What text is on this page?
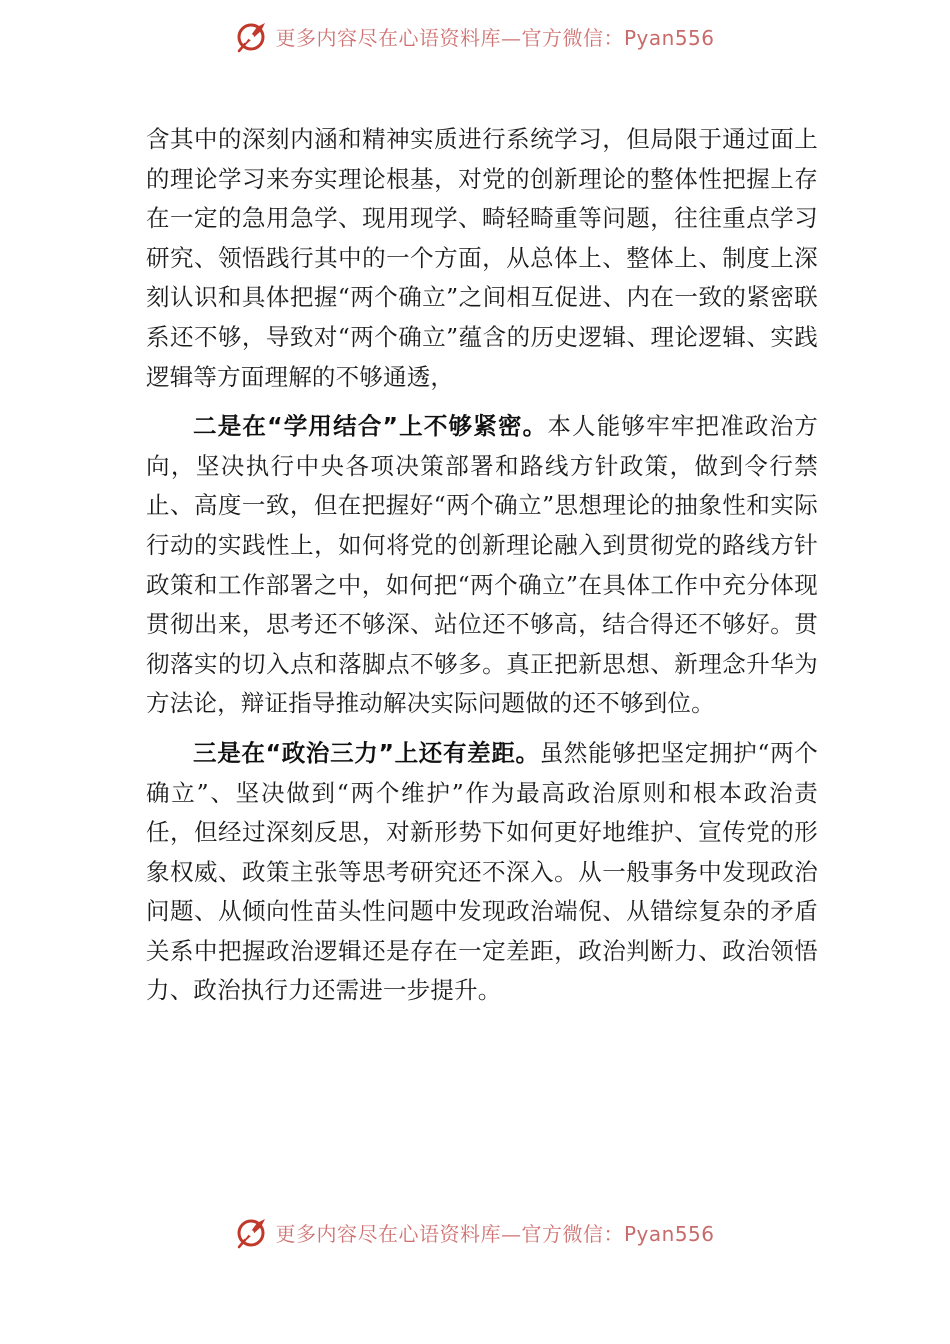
更多内容尽在心语资料库—官方微信：Pyan556

含其中的深刻内涵和精神实质进行系统学习，但局限于通过面上的理论学习来夯实理论根基，对党的创新理论的整体性把握上存在一定的急用急学、现用现学、畸轻畸重等问题，往往重点学习研究、领悟践行其中的一个方面，从总体上、整体上、制度上深刻认识和具体把握“两个确立”之间相互促进、内在一致的紧密联系还不够，导致对“两个确立”蕴含的历史逻辑、理论逻辑、实践逻辑等方面理解的不够通透，

二是在“学用结合”上不够紧密。本人能够牢牢把准政治方向，坚决执行中央各项决策部署和路线方针政策，做到令行禁止、高度一致，但在把握好“两个确立”思想理论的抽象性和实际行动的实践性上，如何将党的创新理论融入到贯彻党的路线方针政策和工作部署之中，如何把“两个确立”在具体工作中充分体现贯彻出来，思考还不够深、站位还不够高，结合得还不够好。贯彻落实的切入点和落脚点不够多。真正把新思想、新理念升华为方法论，辩证指导推动解决实际问题做的还不够到位。

三是在“政治三力”上还有差距。虽然能够把坚定拥护“两个确立”、坚决做到“两个维护”作为最高政治原则和根本政治责任，但经过深刻反思，对新形势下如何更好地维护、宣传党的形象权威、政策主张等思考研究还不深入。从一般事务中发现政治问题、从倾向性苗头性问题中发现政治端倪、从错综复杂的矛盾关系中把握政治逻辑还是存在一定差距，政治判断力、政治领悟力、政治执行力还需进一步提升。

更多内容尽在心语资料库—官方微信：Pyan556
